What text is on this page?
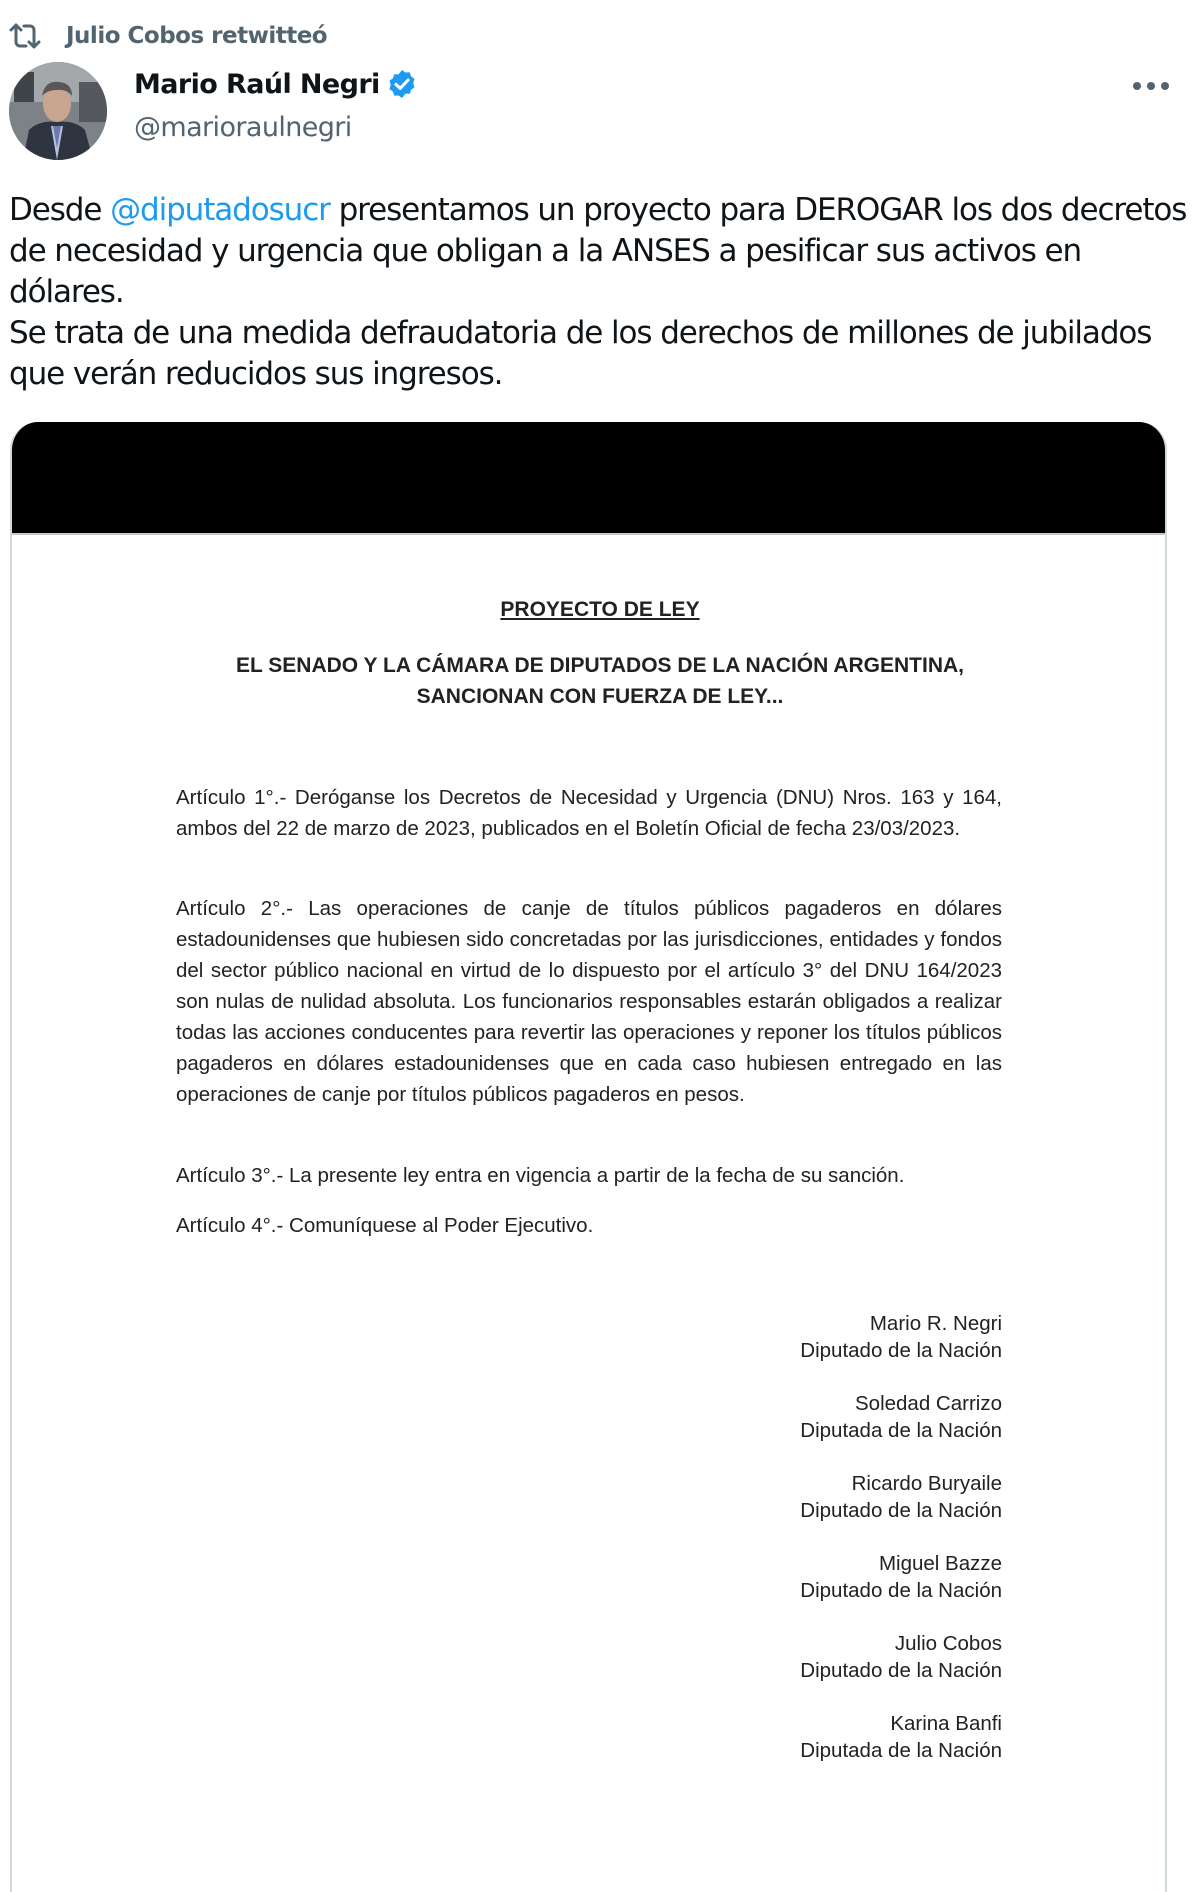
Julio Cobos retwitteó
Mario Raúl Negri
@marioraulnegri
Desde @diputadosucr presentamos un proyecto para DEROGAR los dos decretos de necesidad y urgencia que obligan a la ANSES a pesificar sus activos en dólares.
Se trata de una medida defraudatoria de los derechos de millones de jubilados que verán reducidos sus ingresos.
PROYECTO DE LEY
EL SENADO Y LA CÁMARA DE DIPUTADOS DE LA NACIÓN ARGENTINA,
SANCIONAN CON FUERZA DE LEY...
Artículo 1°.- Deróganse los Decretos de Necesidad y Urgencia (DNU) Nros. 163 y 164, ambos del 22 de marzo de 2023, publicados en el Boletín Oficial de fecha 23/03/2023.
Artículo 2°.- Las operaciones de canje de títulos públicos pagaderos en dólares estadounidenses que hubiesen sido concretadas por las jurisdicciones, entidades y fondos del sector público nacional en virtud de lo dispuesto por el artículo 3° del DNU 164/2023 son nulas de nulidad absoluta. Los funcionarios responsables estarán obligados a realizar todas las acciones conducentes para revertir las operaciones y reponer los títulos públicos pagaderos en dólares estadounidenses que en cada caso hubiesen entregado en las operaciones de canje por títulos públicos pagaderos en pesos.
Artículo 3°.- La presente ley entra en vigencia a partir de la fecha de su sanción.
Artículo 4°.- Comuníquese al Poder Ejecutivo.
Mario R. Negri
Diputado de la Nación
Soledad Carrizo
Diputada de la Nación
Ricardo Buryaile
Diputado de la Nación
Miguel Bazze
Diputado de la Nación
Julio Cobos
Diputado de la Nación
Karina Banfi
Diputada de la Nación
